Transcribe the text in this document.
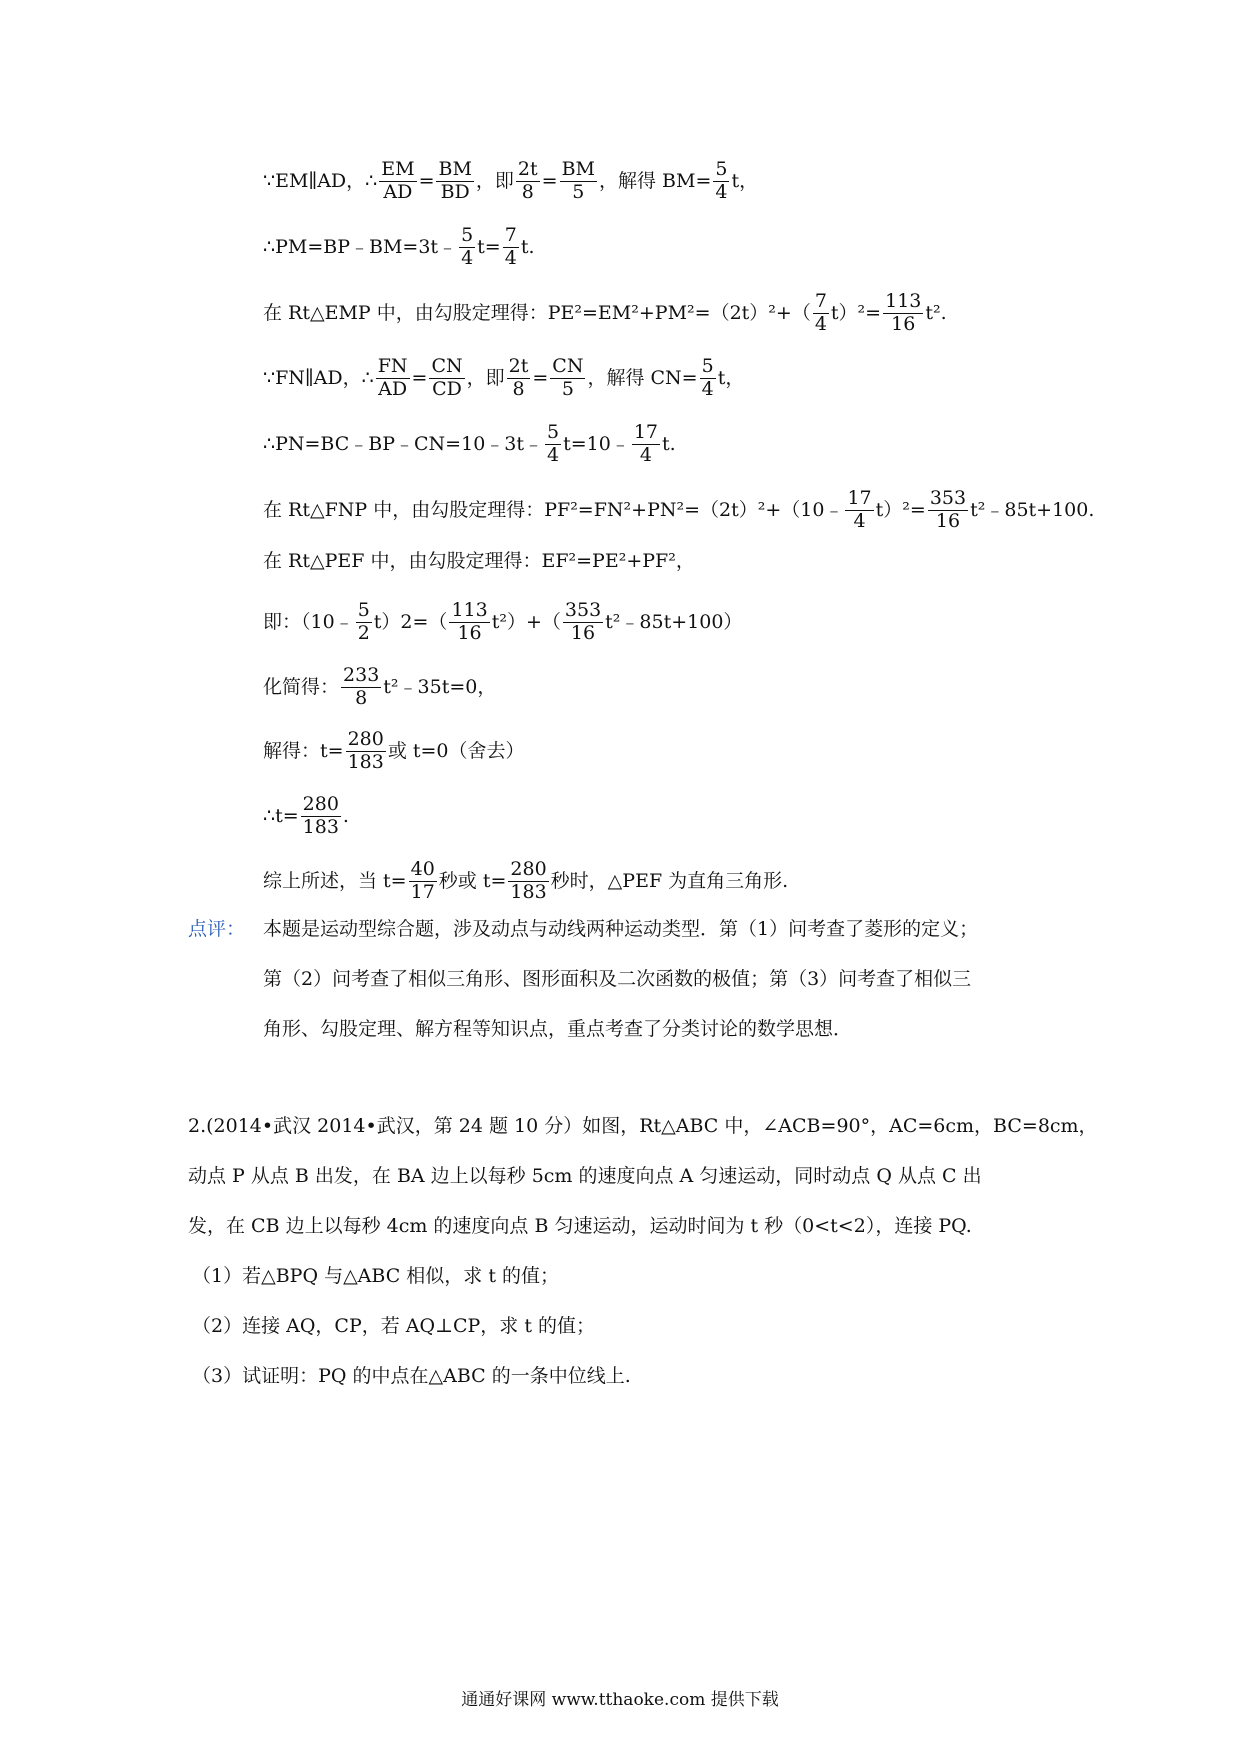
∵EM∥AD，∴ $\frac{EM}{AD} = \frac{BM}{BD}$ ，即 $\frac{2t}{8} = \frac{BM}{5}$ ，解得 $BM= \frac{5}{4}$ t，
∴PM=BP﹣BM=3t﹣ $\frac{5}{4} t= \frac{7}{4} t$.
在 Rt△EMP 中，由勾股定理得：$PE^2=EM^2+PM^2=(2t)^2+( \frac{7}{4} t)^2= \frac{113}{16} t^2$.
∵FN∥AD，∴ $\frac{FN}{AD} = \frac{CN}{CD}$ ，即 $\frac{2t}{8} = \frac{CN}{5}$ ，解得 $CN= \frac{5}{4}$ t，
∴PN=BC﹣BP﹣CN=10﹣3t﹣ $\frac{5}{4}$ t=10﹣ $\frac{17}{4} t$.
在 Rt△FNP 中，由勾股定理得：PF²=FN²+PN²=（2t）²+（10﹣ $\frac{17}{4} t)^2= \frac{353}{16}$ t²﹣85t+100.
在 Rt△PEF 中，由勾股定理得：EF²=PE²+PF²，
即：（10﹣ $\frac{5}{2} t)2=( \frac{113}{16} t^2)+( \frac{353}{16}$ t²﹣85t+100）
化简得： $\frac{233}{8}$ t²﹣35t=0，
解得：$t= \frac{280}{183}$ 或 t=0（舍去）
∴t= $\frac{280}{183}$ .
综上所述，当 $t= \frac{40}{17}$ 秒或 $t= \frac{280}{183}$ 秒时，△PEF 为直角三角形.
点评： 本题是运动型综合题，涉及动点与动线两种运动类型．第（1）问考查了菱形的定义；
第（2）问考查了相似三角形、图形面积及二次函数的极值；第（3）问考查了相似三
角形、勾股定理、解方程等知识点，重点考查了分类讨论的数学思想．
2.(2014•武汉 2014•武汉，第 24 题 10 分）如图，Rt△ABC 中，∠ACB=90°，AC=6cm，BC=8cm，
动点 P 从点 B 出发，在 BA 边上以每秒 5cm 的速度向点 A 匀速运动，同时动点 Q 从点 C 出
发，在 CB 边上以每秒 4cm 的速度向点 B 匀速运动，运动时间为 t 秒（0<t<2），连接 PQ.
（1）若△BPQ 与△ABC 相似，求 t 的值；
（2）连接 AQ，CP，若 AQ⊥CP，求 t 的值；
（3）试证明：PQ 的中点在△ABC 的一条中位线上.
通通好课网 www.tthaoke.com 提供下载
